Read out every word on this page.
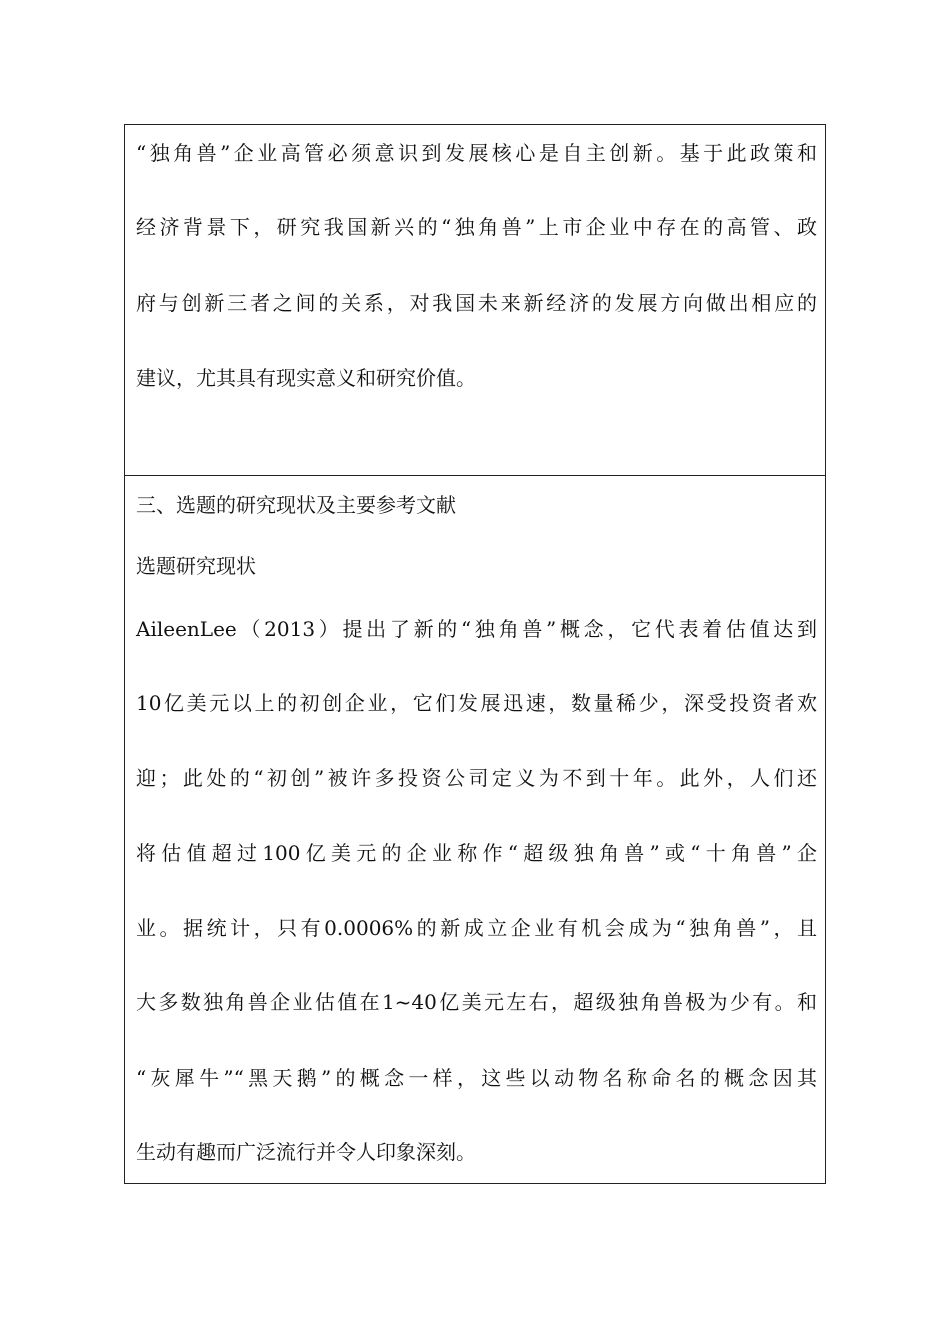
“独角兽”企业高管必须意识到发展核心是自主创新。基于此政策和
经济背景下，研究我国新兴的“独角兽”上市企业中存在的高管、政
府与创新三者之间的关系，对我国未来新经济的发展方向做出相应的
建议，尤其具有现实意义和研究价值。
三、选题的研究现状及主要参考文献
选题研究现状
AileenLee（2013）提出了新的“独角兽”概念，它代表着估值达到
10亿美元以上的初创企业，它们发展迅速，数量稀少，深受投资者欢
迎；此处的“初创”被许多投资公司定义为不到十年。此外，人们还
将估值超过100亿美元的企业称作“超级独角兽”或“十角兽”企
业。据统计，只有0.0006%的新成立企业有机会成为“独角兽”，且
大多数独角兽企业估值在1~40亿美元左右，超级独角兽极为少有。和
“灰犀牛”“黑天鹅”的概念一样，这些以动物名称命名的概念因其
生动有趣而广泛流行并令人印象深刻。
